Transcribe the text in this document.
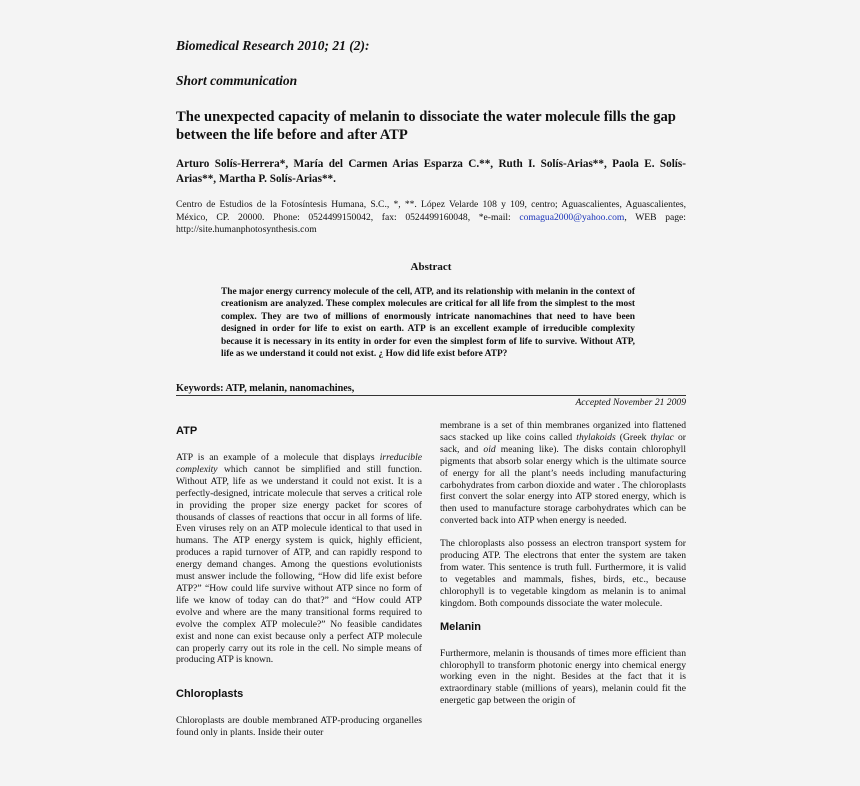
Biomedical Research 2010; 21 (2):
Short communication
The unexpected capacity of melanin to dissociate the water molecule fills the gap between the life before and after ATP
Arturo Solís-Herrera*, María del Carmen Arias Esparza C.**, Ruth I. Solís-Arias**, Paola E. Solís-Arias**, Martha P. Solís-Arias**.
Centro de Estudios de la Fotosíntesis Humana, S.C., *, **. López Velarde 108 y 109, centro; Aguascalientes, Aguascalientes, México, CP. 20000. Phone: 0524499150042, fax: 0524499160048, *e-mail: comagua2000@yahoo.com, WEB page: http://site.humanphotosynthesis.com
Abstract
The major energy currency molecule of the cell, ATP, and its relationship with melanin in the context of creationism are analyzed. These complex molecules are critical for all life from the simplest to the most complex. They are two of millions of enormously intricate nanomachines that need to have been designed in order for life to exist on earth. ATP is an excellent example of irreducible complexity because it is necessary in its entity in order for even the simplest form of life to survive. Without ATP, life as we understand it could not exist. ¿ How did life exist before ATP?
Keywords: ATP, melanin, nanomachines,
Accepted November 21 2009
ATP

ATP is an example of a molecule that displays irreducible complexity which cannot be simplified and still function. Without ATP, life as we understand it could not exist. It is a perfectly-designed, intricate molecule that serves a critical role in providing the proper size energy packet for scores of thousands of classes of reactions that occur in all forms of life. Even viruses rely on an ATP molecule identical to that used in humans. The ATP energy system is quick, highly efficient, produces a rapid turnover of ATP, and can rapidly respond to energy demand changes. Among the questions evolutionists must answer include the following, “How did life exist before ATP?” “How could life survive without ATP since no form of life we know of today can do that?” and “How could ATP evolve and where are the many transitional forms required to evolve the complex ATP molecule?” No feasible candidates exist and none can exist because only a perfect ATP molecule can properly carry out its role in the cell. No simple means of producing ATP is known.

Chloroplasts

Chloroplasts are double membraned ATP-producing organelles found only in plants. Inside their outer

membrane is a set of thin membranes organized into flattened sacs stacked up like coins called thylakoids (Greek thylac or sack, and oid meaning like). The disks contain chlorophyll pigments that absorb solar energy which is the ultimate source of energy for all the plant’s needs including manufacturing carbohydrates from carbon dioxide and water . The chloroplasts first convert the solar energy into ATP stored energy, which is then used to manufacture storage carbohydrates which can be converted back into ATP when energy is needed.

The chloroplasts also possess an electron transport system for producing ATP. The electrons that enter the system are taken from water. This sentence is truth full. Furthermore, it is valid to vegetables and mammals, fishes, birds, etc., because chlorophyll is to vegetable kingdom as melanin is to animal kingdom. Both compounds dissociate the water molecule.

Melanin

Furthermore, melanin is thousands of times more efficient than chlorophyll to transform photonic energy into chemical energy working even in the night. Besides at the fact that it is extraordinary stable (millions of years), melanin could fit the energetic gap between the origin of
